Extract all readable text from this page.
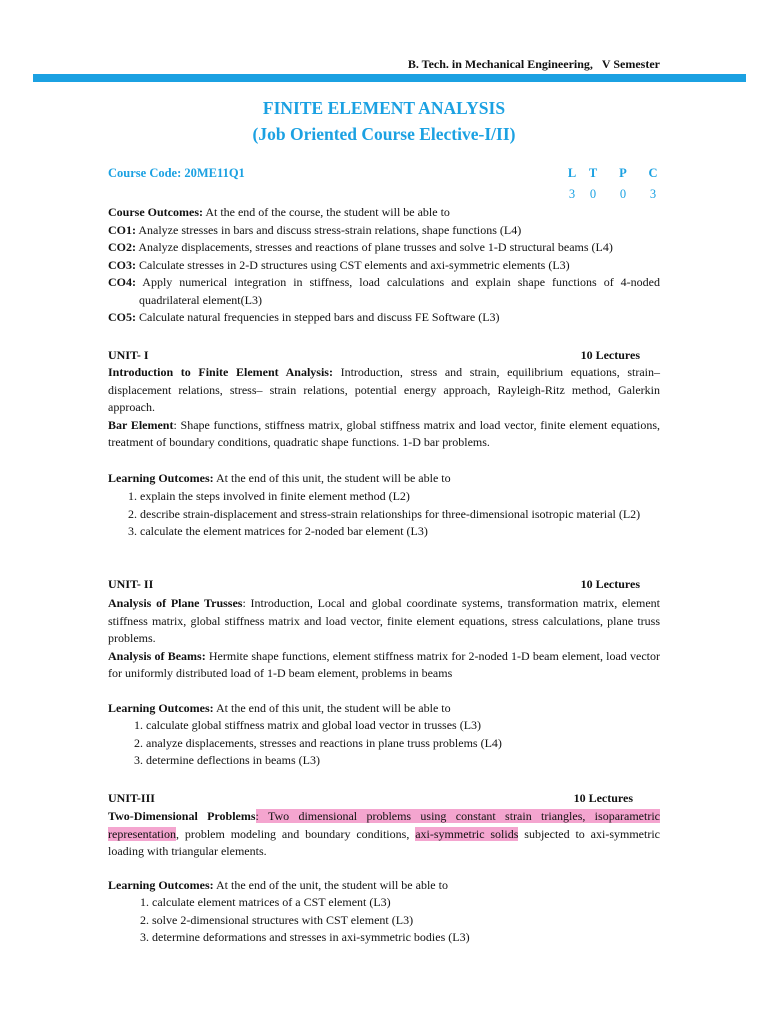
B. Tech. in Mechanical Engineering, V Semester
FINITE ELEMENT ANALYSIS
(Job Oriented Course Elective-I/II)
Course Code: 20ME11Q1	L	T	P	C
3	0	0	3
Course Outcomes: At the end of the course, the student will be able to
CO1: Analyze stresses in bars and discuss stress-strain relations, shape functions (L4)
CO2: Analyze displacements, stresses and reactions of plane trusses and solve 1-D structural beams (L4)
CO3: Calculate stresses in 2-D structures using CST elements and axi-symmetric elements (L3)
CO4: Apply numerical integration in stiffness, load calculations and explain shape functions of 4-noded quadrilateral element(L3)
CO5: Calculate natural frequencies in stepped bars and discuss FE Software (L3)
UNIT- I	10 Lectures
Introduction to Finite Element Analysis: Introduction, stress and strain, equilibrium equations, strain–displacement relations, stress– strain relations, potential energy approach, Rayleigh-Ritz method, Galerkin approach.
Bar Element: Shape functions, stiffness matrix, global stiffness matrix and load vector, finite element equations, treatment of boundary conditions, quadratic shape functions. 1-D bar problems.
Learning Outcomes: At the end of this unit, the student will be able to
1. explain the steps involved in finite element method (L2)
2. describe strain-displacement and stress-strain relationships for three-dimensional isotropic material (L2)
3. calculate the element matrices for 2-noded bar element (L3)
UNIT- II	10 Lectures
Analysis of Plane Trusses: Introduction, Local and global coordinate systems, transformation matrix, element stiffness matrix, global stiffness matrix and load vector, finite element equations, stress calculations, plane truss problems.
Analysis of Beams: Hermite shape functions, element stiffness matrix for 2-noded 1-D beam element, load vector for uniformly distributed load of 1-D beam element, problems in beams
Learning Outcomes: At the end of this unit, the student will be able to
1. calculate global stiffness matrix and global load vector in trusses (L3)
2. analyze displacements, stresses and reactions in plane truss problems (L4)
3. determine deflections in beams (L3)
UNIT-III	10 Lectures
Two-Dimensional Problems: Two dimensional problems using constant strain triangles, isoparametric representation, problem modeling and boundary conditions, axi-symmetric solids subjected to axi-symmetric loading with triangular elements.
Learning Outcomes: At the end of the unit, the student will be able to
1. calculate element matrices of a CST element (L3)
2. solve 2-dimensional structures with CST element (L3)
3. determine deformations and stresses in axi-symmetric bodies (L3)
